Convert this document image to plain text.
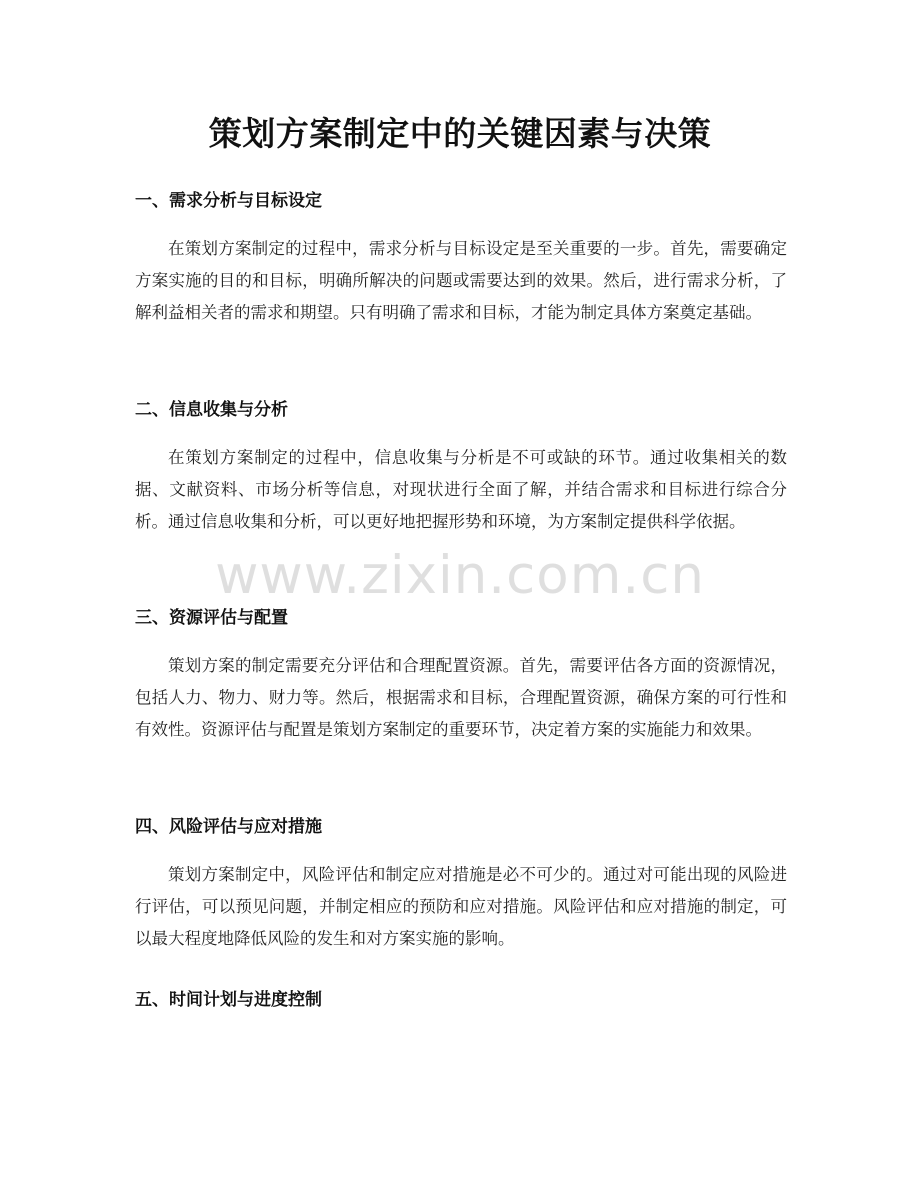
策划方案制定中的关键因素与决策
一、需求分析与目标设定

在策划方案制定的过程中，需求分析与目标设定是至关重要的一步。首先，需要确定方案实施的目的和目标，明确所解决的问题或需要达到的效果。然后，进行需求分析，了解利益相关者的需求和期望。只有明确了需求和目标，才能为制定具体方案奠定基础。

二、信息收集与分析

在策划方案制定的过程中，信息收集与分析是不可或缺的环节。通过收集相关的数据、文献资料、市场分析等信息，对现状进行全面了解，并结合需求和目标进行综合分析。通过信息收集和分析，可以更好地把握形势和环境，为方案制定提供科学依据。

三、资源评估与配置

策划方案的制定需要充分评估和合理配置资源。首先，需要评估各方面的资源情况，包括人力、物力、财力等。然后，根据需求和目标，合理配置资源，确保方案的可行性和有效性。资源评估与配置是策划方案制定的重要环节，决定着方案的实施能力和效果。

四、风险评估与应对措施

策划方案制定中，风险评估和制定应对措施是必不可少的。通过对可能出现的风险进行评估，可以预见问题，并制定相应的预防和应对措施。风险评估和应对措施的制定，可以最大程度地降低风险的发生和对方案实施的影响。

五、时间计划与进度控制
www.zixin.com.cn
